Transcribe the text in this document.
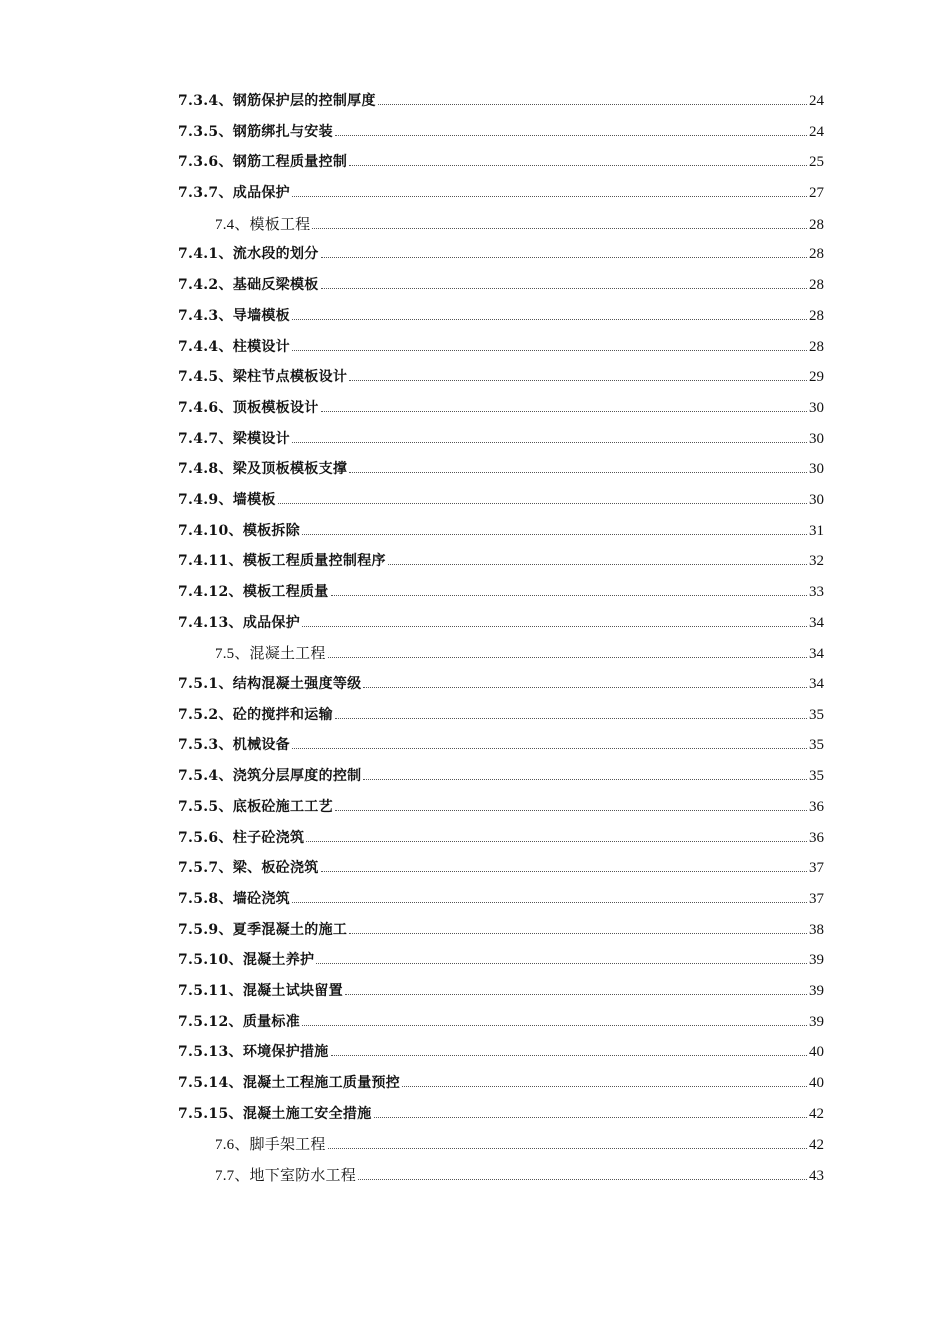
7.3.4、钢筋保护层的控制厚度	24
7.3.5、钢筋绑扎与安装	24
7.3.6、钢筋工程质量控制	25
7.3.7、成品保护	27
7.4、模板工程	28
7.4.1、流水段的划分	28
7.4.2、基础反梁模板	28
7.4.3、导墙模板	28
7.4.4、柱模设计	28
7.4.5、梁柱节点模板设计	29
7.4.6、顶板模板设计	30
7.4.7、梁模设计	30
7.4.8、梁及顶板模板支撑	30
7.4.9、墙模板	30
7.4.10、模板拆除	31
7.4.11、模板工程质量控制程序	32
7.4.12、模板工程质量	33
7.4.13、成品保护	34
7.5、混凝土工程	34
7.5.1、结构混凝土强度等级	34
7.5.2、砼的搅拌和运输	35
7.5.3、机械设备	35
7.5.4、浇筑分层厚度的控制	35
7.5.5、底板砼施工工艺	36
7.5.6、柱子砼浇筑	36
7.5.7、梁、板砼浇筑	37
7.5.8、墙砼浇筑	37
7.5.9、夏季混凝土的施工	38
7.5.10、混凝土养护	39
7.5.11、混凝土试块留置	39
7.5.12、质量标准	39
7.5.13、环境保护措施	40
7.5.14、混凝土工程施工质量预控	40
7.5.15、混凝土施工安全措施	42
7.6、脚手架工程	42
7.7、地下室防水工程	43
